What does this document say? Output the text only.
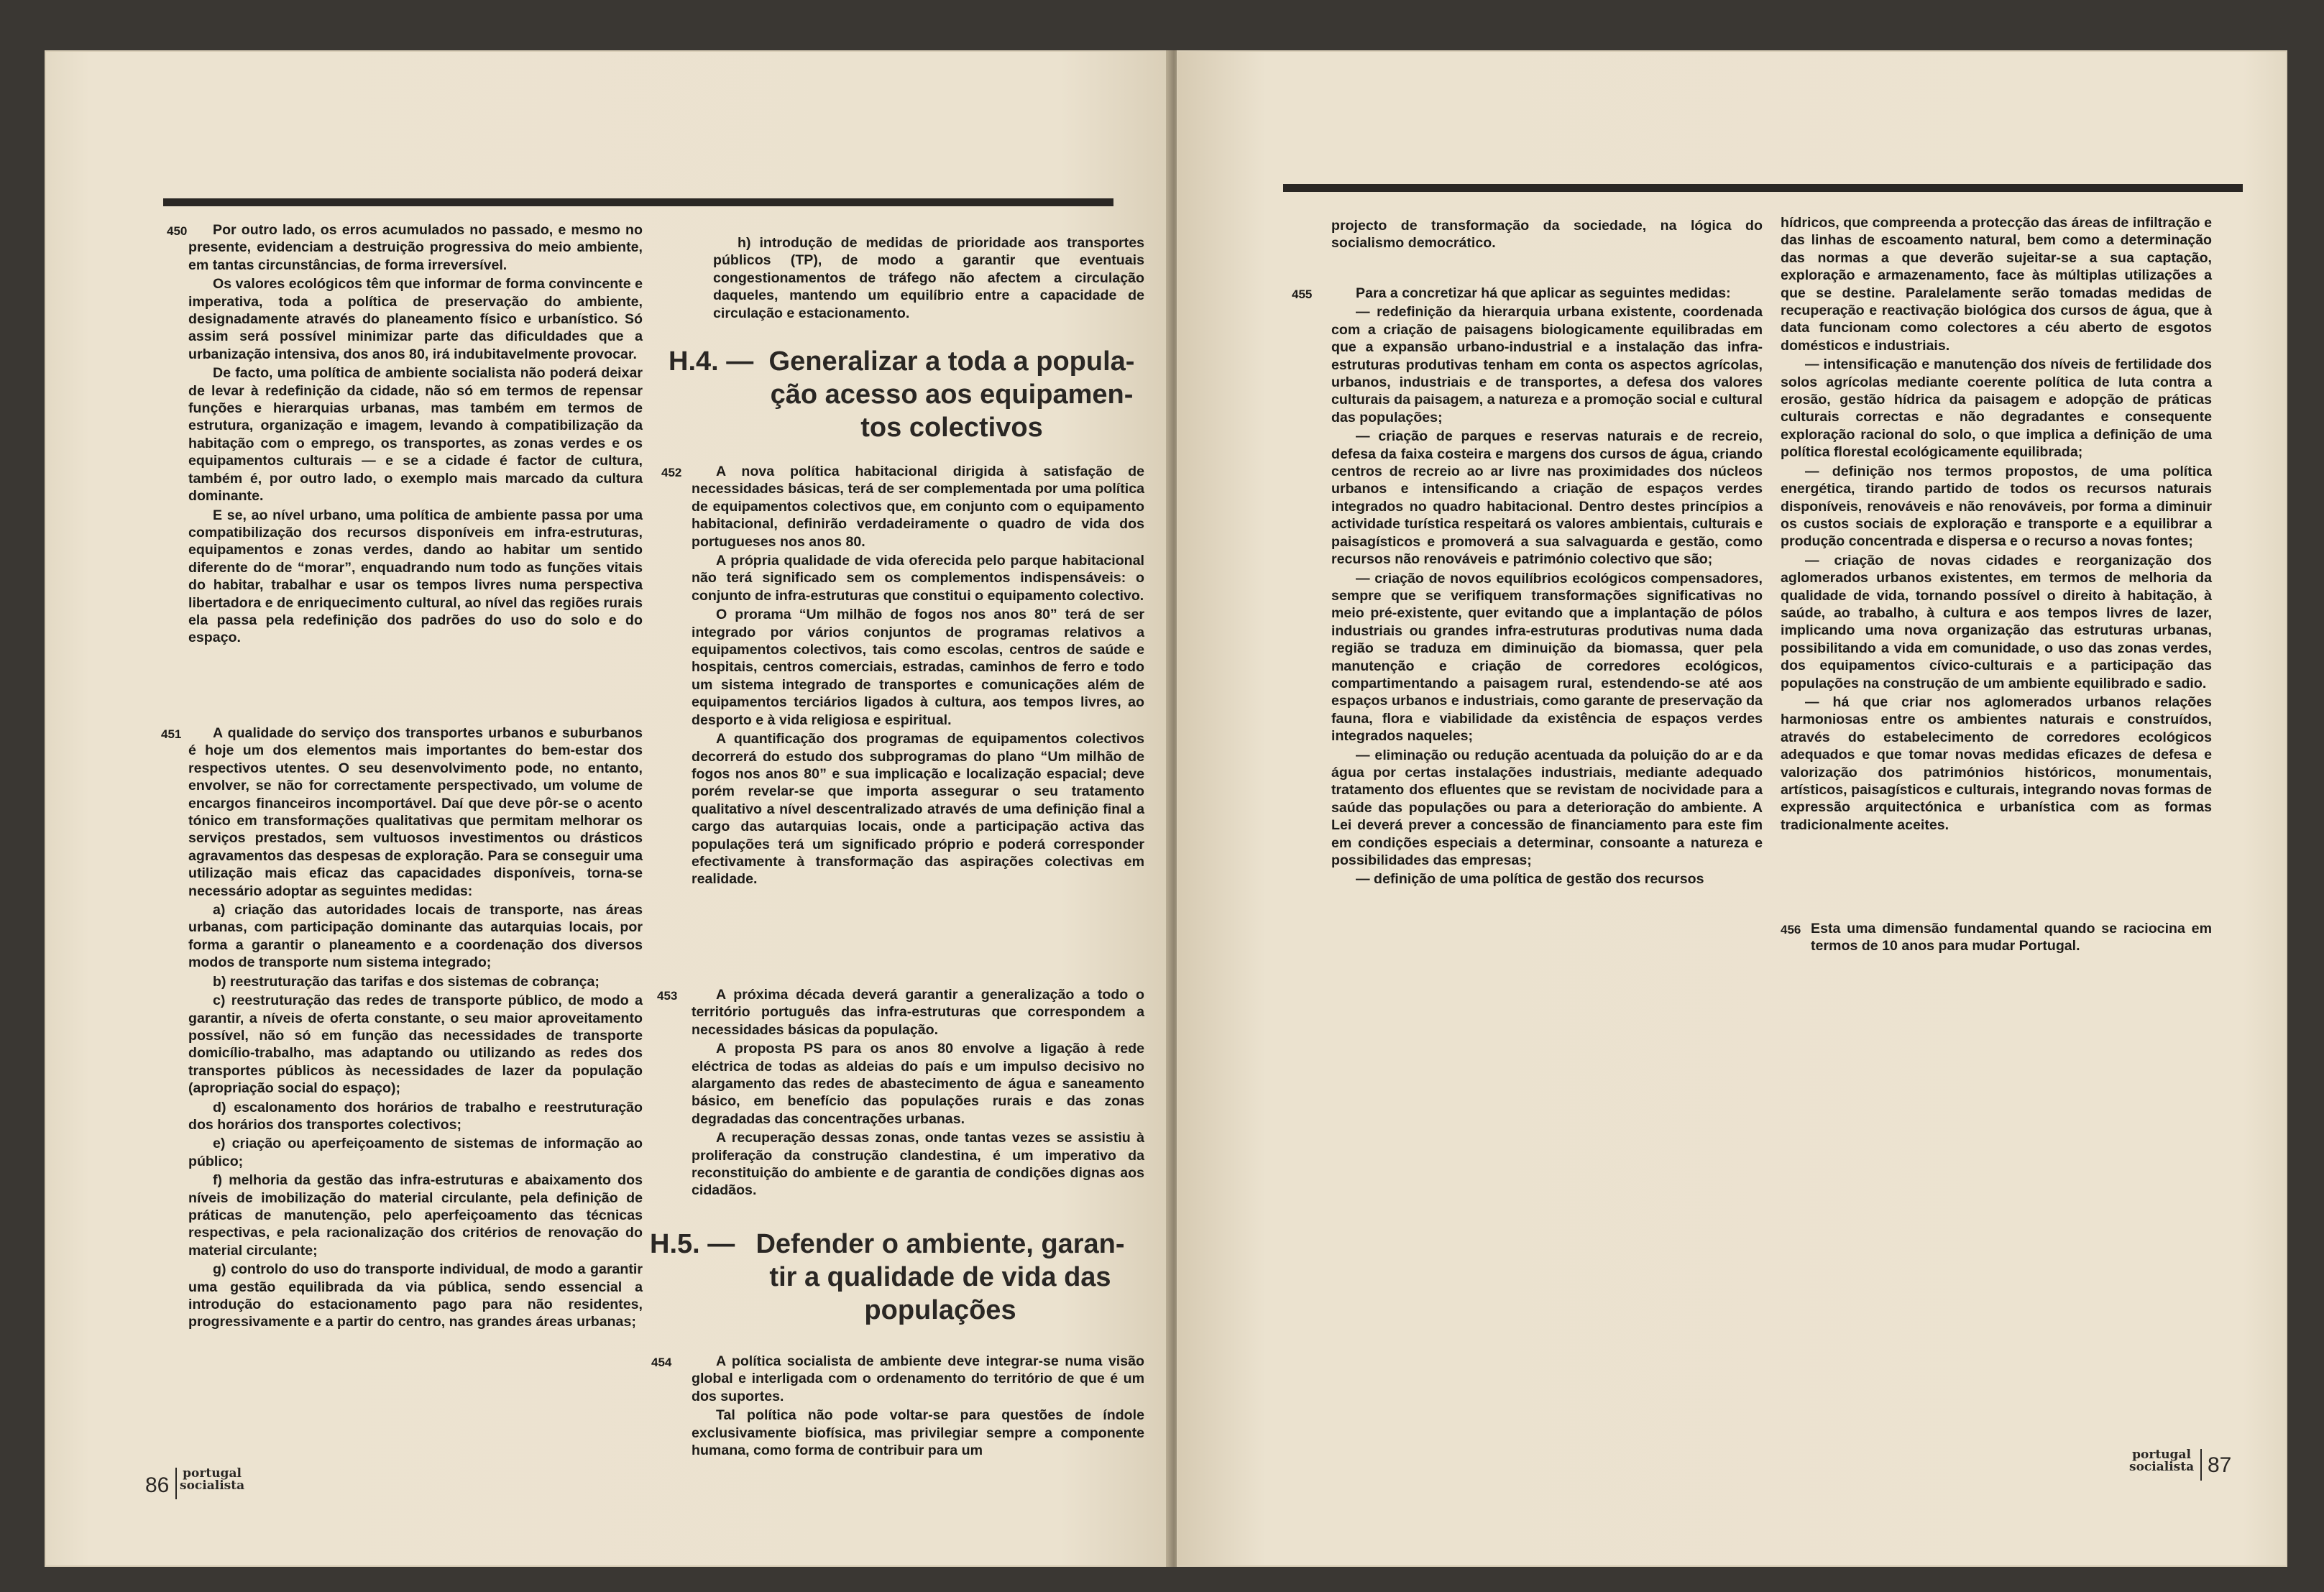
450	Por outro lado, os erros acumulados no passado, e mesmo no presente, evidenciam a destruição progressiva do meio ambiente, em tantas circunstâncias, de forma irreversível.

Os valores ecológicos têm que informar de forma convincente e imperativa, toda a política de preservação do ambiente, designadamente através do planeamento físico e urbanístico. Só assim será possível minimizar parte das dificuldades que a urbanização intensiva, dos anos 80, irá indubitavelmente provocar.

De facto, uma política de ambiente socialista não poderá deixar de levar à redefinição da cidade, não só em termos de repensar funções e hierarquias urbanas, mas também em termos de estrutura, organização e imagem, levando à compatibilização da habitação com o emprego, os transportes, as zonas verdes e os equipamentos culturais — e se a cidade é factor de cultura, também é, por outro lado, o exemplo mais marcado da cultura dominante.

E se, ao nível urbano, uma política de ambiente passa por uma compatibilização dos recursos disponíveis em infra-estruturas, equipamentos e zonas verdes, dando ao habitar um sentido diferente do de “morar”, enquadrando num todo as funções vitais do habitar, trabalhar e usar os tempos livres numa perspectiva libertadora e de enriquecimento cultural, ao nível das regiões rurais ela passa pela redefinição dos padrões do uso do solo e do espaço.

451	A qualidade do serviço dos transportes urbanos e suburbanos é hoje um dos elementos mais importantes do bem-estar dos respectivos utentes. O seu desenvolvimento pode, no entanto, envolver, se não for correctamente perspectivado, um volume de encargos financeiros incomportável. Daí que deve pôr-se o acento tónico em transformações qualitativas que permitam melhorar os serviços prestados, sem vultuosos investimentos ou drásticos agravamentos das despesas de exploração. Para se conseguir uma utilização mais eficaz das capacidades disponíveis, torna-se necessário adoptar as seguintes medidas:

a) criação das autoridades locais de transporte, nas áreas urbanas, com participação dominante das autarquias locais, por forma a garantir o planeamento e a coordenação dos diversos modos de transporte num sistema integrado;

b) reestruturação das tarifas e dos sistemas de cobrança;

c) reestruturação das redes de transporte público, de modo a garantir, a níveis de oferta constante, o seu maior aproveitamento possível, não só em função das necessidades de transporte domicílio-trabalho, mas adaptando ou utilizando as redes dos transportes públicos às necessidades de lazer da população (apropriação social do espaço);

d) escalonamento dos horários de trabalho e reestruturação dos horários dos transportes colectivos;

e) criação ou aperfeiçoamento de sistemas de informação ao público;

f) melhoria da gestão das infra-estruturas e abaixamento dos níveis de imobilização do material circulante, pela definição de práticas de manutenção, pelo aperfeiçoamento das técnicas respectivas, e pela racionalização dos critérios de renovação do material circulante;

g) controlo do uso do transporte individual, de modo a garantir uma gestão equilibrada da via pública, sendo essencial a introdução do estacionamento pago para não residentes, progressivamente e a partir do centro, nas grandes áreas urbanas;

h) introdução de medidas de prioridade aos transportes públicos (TP), de modo a garantir que eventuais congestionamentos de tráfego não afectem a circulação daqueles, mantendo um equilíbrio entre a capacidade de circulação e estacionamento.

H.4. — Generalizar a toda a popula-
ção acesso aos equipamen-
tos colectivos
452	A nova política habitacional dirigida à satisfação de necessidades básicas, terá de ser complementada por uma política de equipamentos colectivos que, em conjunto com o equipamento habitacional, definirão verdadeiramente o quadro de vida dos portugueses nos anos 80.

A própria qualidade de vida oferecida pelo parque habitacional não terá significado sem os complementos indispensáveis: o conjunto de infra-estruturas que constitui o equipamento colectivo.

O prorama “Um milhão de fogos nos anos 80” terá de ser integrado por vários conjuntos de programas relativos a equipamentos colectivos, tais como escolas, centros de saúde e hospitais, centros comerciais, estradas, caminhos de ferro e todo um sistema integrado de transportes e comunicações além de equipamentos terciários ligados à cultura, aos tempos livres, ao desporto e à vida religiosa e espiritual.

A quantificação dos programas de equipamentos colectivos decorrerá do estudo dos subprogramas do plano “Um milhão de fogos nos anos 80” e sua implicação e localização espacial; deve porém revelar-se que importa assegurar o seu tratamento qualitativo a nível descentralizado através de uma definição final a cargo das autarquias locais, onde a participação activa das populações terá um significado próprio e poderá corresponder efectivamente à transformação das aspirações colectivas em realidade.

453	A próxima década deverá garantir a generalização a todo o território português das infra-estruturas que correspondem a necessidades básicas da população.

A proposta PS para os anos 80 envolve a ligação à rede eléctrica de todas as aldeias do país e um impulso decisivo no alargamento das redes de abastecimento de água e saneamento básico, em benefício das populações rurais e das zonas degradadas das concentrações urbanas.

A recuperação dessas zonas, onde tantas vezes se assistiu à proliferação da construção clandestina, é um imperativo da reconstituição do ambiente e de garantia de condições dignas aos cidadãos.

H.5. — Defender o ambiente, garan-
tir a qualidade de vida das
populações
454	A política socialista de ambiente deve integrar-se numa visão global e interligada com o ordenamento do território de que é um dos suportes.

Tal política não pode voltar-se para questões de índole exclusivamente biofísica, mas privilegiar sempre a componente humana, como forma de contribuir para um

86 portugal
socialista

projecto de transformação da sociedade, na lógica do socialismo democrático.

455	Para a concretizar há que aplicar as seguintes medidas:

— redefinição da hierarquia urbana existente, coordenada com a criação de paisagens biologicamente equilibradas em que a expansão urbano-industrial e a instalação das infra-estruturas produtivas tenham em conta os aspectos agrícolas, urbanos, industriais e de transportes, a defesa dos valores culturais da paisagem, a natureza e a promoção social e cultural das populações;

— criação de parques e reservas naturais e de recreio, defesa da faixa costeira e margens dos cursos de água, criando centros de recreio ao ar livre nas proximidades dos núcleos urbanos e intensificando a criação de espaços verdes integrados no quadro habitacional. Dentro destes princípios a actividade turística respeitará os valores ambientais, culturais e paisagísticos e promoverá a sua salvaguarda e gestão, como recursos não renováveis e património colectivo que são;

— criação de novos equilíbrios ecológicos compensadores, sempre que se verifiquem transformações significativas no meio pré-existente, quer evitando que a implantação de pólos industriais ou grandes infra-estruturas produtivas numa dada região se traduza em diminuição da biomassa, quer pela manutenção e criação de corredores ecológicos, compartimentando a paisagem rural, estendendo-se até aos espaços urbanos e industriais, como garante de preservação da fauna, flora e viabilidade da existência de espaços verdes integrados naqueles;

— eliminação ou redução acentuada da poluição do ar e da água por certas instalações industriais, mediante adequado tratamento dos efluentes que se revistam de nocividade para a saúde das populações ou para a deterioração do ambiente. A Lei deverá prever a concessão de financiamento para este fim em condições especiais a determinar, consoante a natureza e possibilidades das empresas;

— definição de uma política de gestão dos recursos

hídricos, que compreenda a protecção das áreas de infiltração e das linhas de escoamento natural, bem como a determinação das normas a que deverão sujeitar-se a sua captação, exploração e armazenamento, face às múltiplas utilizações a que se destine. Paralelamente serão tomadas medidas de recuperação e reactivação biológica dos cursos de água, que à data funcionam como colectores a céu aberto de esgotos domésticos e industriais.

— intensificação e manutenção dos níveis de fertilidade dos solos agrícolas mediante coerente política de luta contra a erosão, gestão hídrica da paisagem e adopção de práticas culturais correctas e não degradantes e consequente exploração racional do solo, o que implica a definição de uma política florestal ecológicamente equilibrada;

— definição nos termos propostos, de uma política energética, tirando partido de todos os recursos naturais disponíveis, renováveis e não renováveis, por forma a diminuir os custos sociais de exploração e transporte e a equilibrar a produção concentrada e dispersa e o recurso a novas fontes;

— criação de novas cidades e reorganização dos aglomerados urbanos existentes, em termos de melhoria da qualidade de vida, tornando possível o direito à habitação, à saúde, ao trabalho, à cultura e aos tempos livres de lazer, implicando uma nova organização das estruturas urbanas, possibilitando a vida em comunidade, o uso das zonas verdes, dos equipamentos cívico-culturais e a participação das populações na construção de um ambiente equilibrado e sadio.

— há que criar nos aglomerados urbanos relações harmoniosas entre os ambientes naturais e construídos, através do estabelecimento de corredores ecológicos adequados e que tomar novas medidas eficazes de defesa e valorização dos patrimónios históricos, monumentais, artísticos, paisagísticos e culturais, integrando novas formas de expressão arquitectónica e urbanística com as formas tradicionalmente aceites.

456 Esta uma dimensão fundamental quando se raciocina em termos de 10 anos para mudar Portugal.

portugal
socialista 87
